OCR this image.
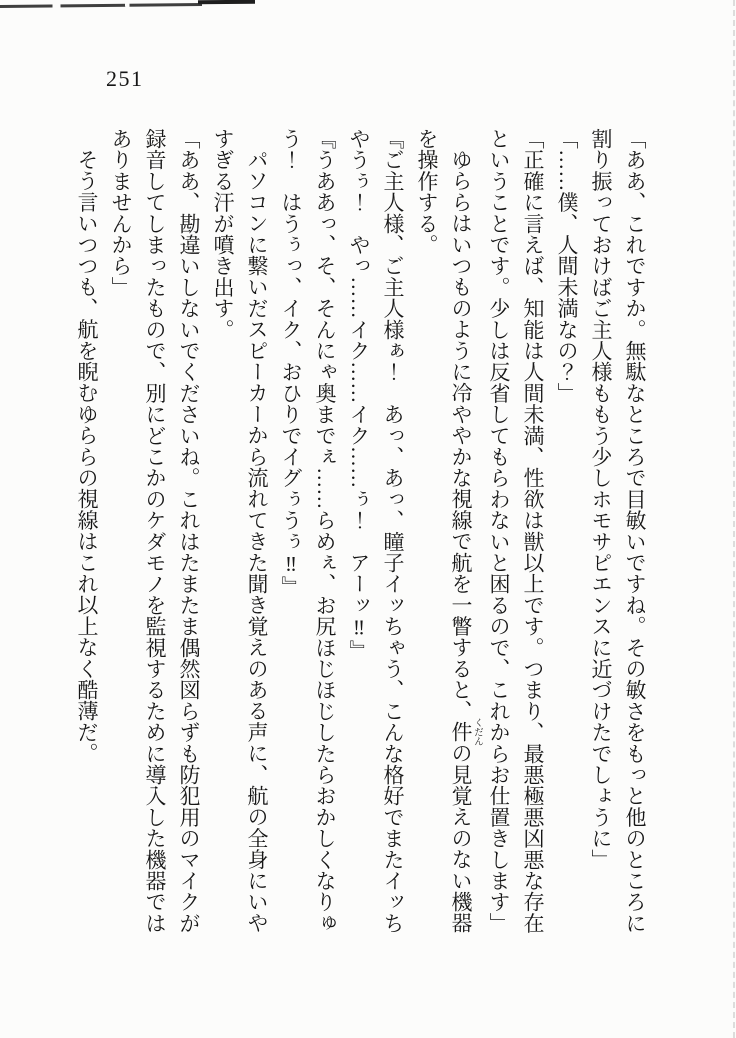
251

「ああ、これですか。無駄なところで目敏いですね。その敏さをもっと他のところに

割り振っておけばご主人様ももう少しホモサピエンスに近づけたでしょうに」

「……僕、人間未満なの？」

「正確に言えば、知能は人間未満、性欲は獣以上です。つまり、最悪極悪凶悪な存在

ということです。少しは反省してもらわないと困るので、これからお仕置きします」

ゆららはいつものように冷ややかな視線で航を一瞥すると、件 くだんの見覚えのない機器

を操作する。

『ご主人様、ご主人様ぁ！　あっ、あっ、瞳子イッちゃう、こんな格好でまたイッち

やうぅ！　やっ……イク……イク……ぅ！　アーッ‼』

『うああっ、そ、そんにゃ奥までぇ……らめぇ、お尻ほじほじしたらおかしくなりゅ

う！　はうぅっ、イク、おひりでイグぅうぅ‼』

パソコンに繋いだスピーカーから流れてきた聞き覚えのある声に、航の全身にいや

すぎる汗が噴き出す。

「ああ、勘違いしないでくださいね。これはたまたま偶然図らずも防犯用のマイクが

録音してしまったもので、別にどこかのケダモノを監視するために導入した機器では

ありませんから」

そう言いつつも、航を睨むゆららの視線はこれ以上なく酷薄だ。
